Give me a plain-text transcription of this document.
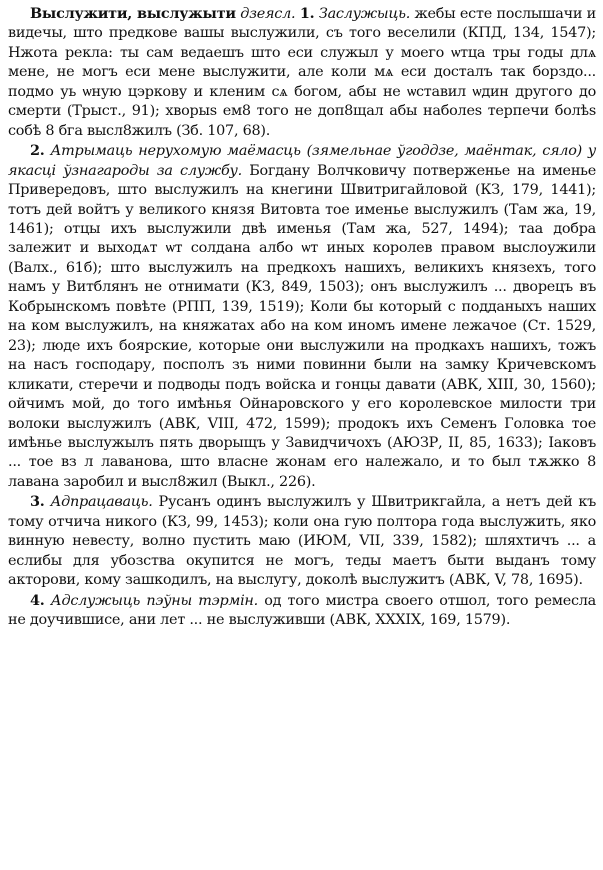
Выслужити, выслужыти дзеясл. 1. Заслужыць. жебы есте послышачи и видечы, што предкове вашы выслужили, съ того веселили (КПД, 134, 1547); Нжота рекла: ты сам ведаешъ што еси служыл у моего ѡтца тры годы длѧ мене, не могъ еси мене выслужити, але коли мѧ еси досталъ так борздо... подмо уь ѡную цэркову и кленим сѧ богом, абы не ѡставил ѡдин другого до смерти (Трыст., 91); хворыѕ ем8 того не доп8щал абы наболеѕ терпечи болѣѕ собѣ 8 бга высл8жилъ (Зб. 107, 68).

2. Атрымаць нерухомую маёмасць (зямельнае ўгоддзе, маёнтак, сяло) у якасці ўзнагароды за службу. Богдану Волчковичу потверженье на именье Привередовъ, што выслужилъ на кнегини Швитригайловой (КЗ, 179, 1441); тотъ дей войтъ у великого князя Витовта тое именье выслужилъ (Там жа, 19, 1461); отцы ихъ выслужили двѣ именья (Там жа, 527, 1494); таа добра залежит и выходѧт ѡт солдана албо ѡт иных королев правом выслоужили (Валх., 61б); што выслужилъ на предкохъ нашихъ, великихъ князехъ, того намъ у Витблянъ не отнимати (КЗ, 849, 1503); онъ выслужилъ ... дворецъ въ Кобрынскомъ повѣте (РПП, 139, 1519); Коли бы который с подданыхъ наших на ком выслужилъ, на княжатах або на ком иномъ имене лежачое (Ст. 1529, 23); люде ихъ боярские, которые они выслужили на продкахъ нашихъ, тожъ на насъ господару, посполъ зъ ними повинни были на замку Кричевскомъ кликати, стеречи и подводы подъ войска и гонцы давати (АВК, XIII, 30, 1560); ойчимъ мой, до того имѣнья Ойнаровского у его королевское милости три волоки выслужилъ (АВК, VIII, 472, 1599); продокъ ихъ Семенъ Головка тое имѣнье выслужылъ пять дворыщъ у Завидчичохъ (АЮЗР, II, 85, 1633); Iаковъ ... тое вз л лаванова, што власне жонам его належало, и то был тѫжко 8 лавана заробил и высл8жил (Выкл., 226).

3. Адпрацаваць. Русанъ одинъ выслужилъ у Швитрикгайла, а нетъ дей къ тому отчича никого (КЗ, 99, 1453); коли она гую полтора года выслужить, яко винную невесту, волно пустить маю (ИЮМ, VII, 339, 1582); шляхтичъ ... а еслибы для убозства окупится не могъ, теды маетъ быти выданъ тому акторови, кому зашкодилъ, на выслугу, доколѣ выслужитъ (АВК, V, 78, 1695).

4. Адслужыць пэўны тэрмін. од того мистра своего отшол, того ремесла не доучившисе, ани лет ... не выслуживши (АВК, XXXIX, 169, 1579).
